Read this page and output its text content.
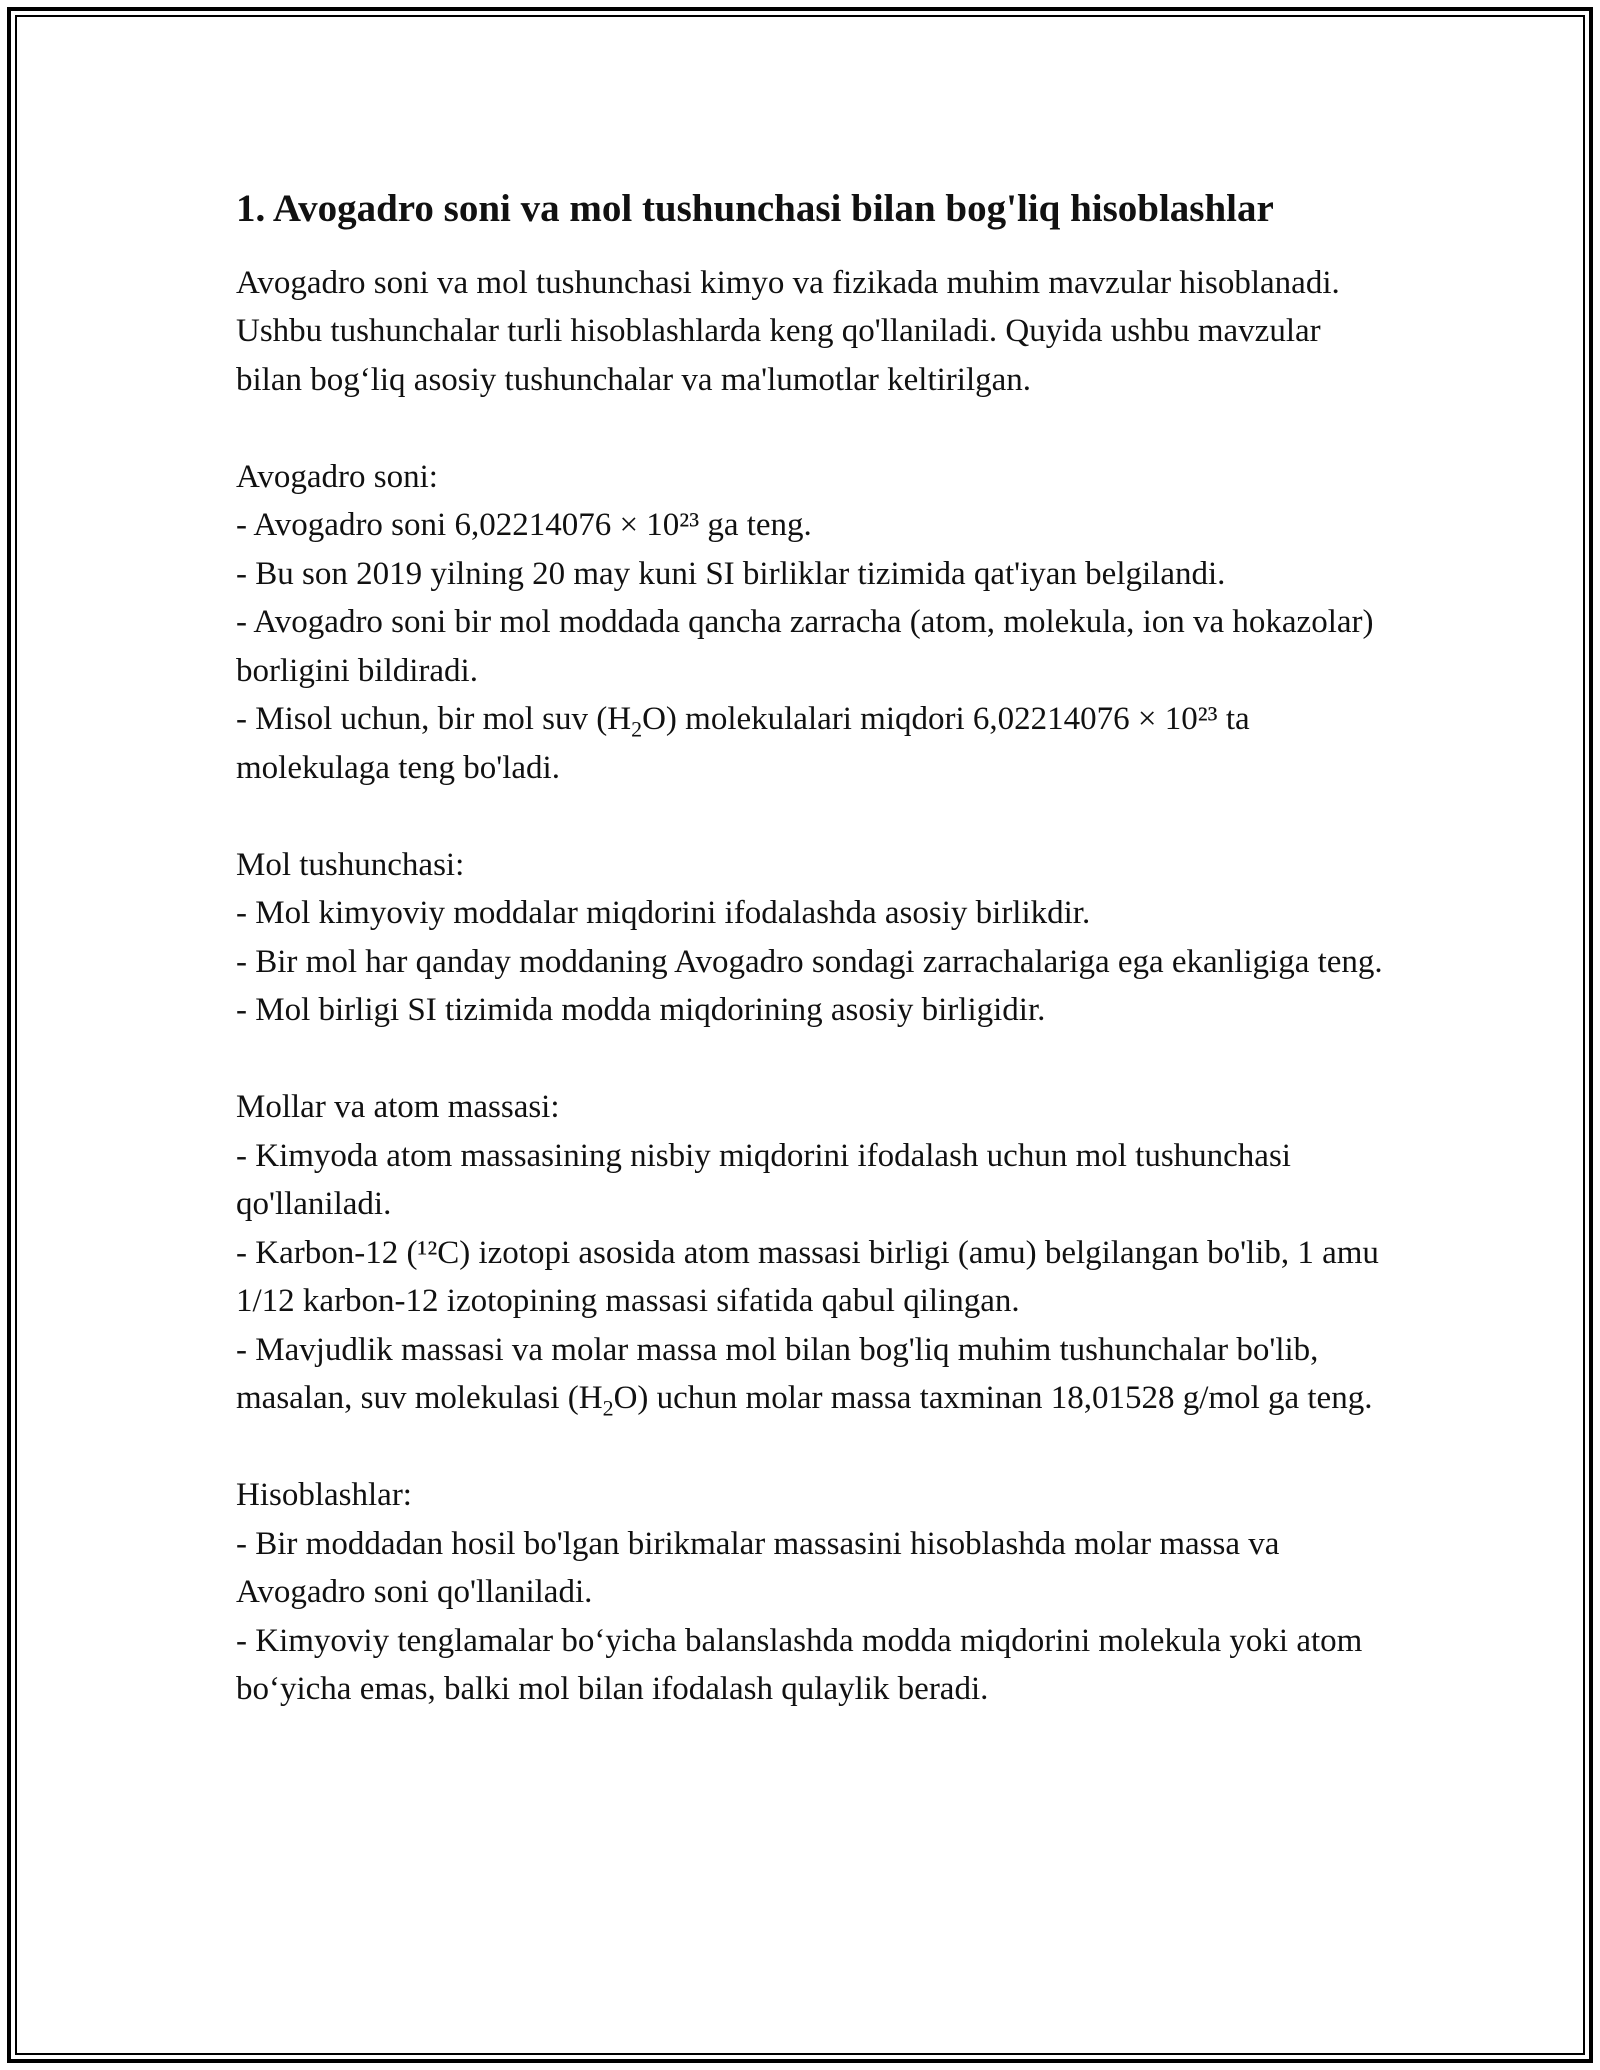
1. Avogadro soni va mol tushunchasi bilan bog'liq hisoblashlar

Avogadro soni va mol tushunchasi kimyo va fizikada muhim mavzular hisoblanadi. Ushbu tushunchalar turli hisoblashlarda keng qo'llaniladi. Quyida ushbu mavzular bilan bog‘liq asosiy tushunchalar va ma'lumotlar keltirilgan.

Avogadro soni:

- Avogadro soni 6,02214076 × 10²³ ga teng.

- Bu son 2019 yilning 20 may kuni SI birliklar tizimida qat'iyan belgilandi.

- Avogadro soni bir mol moddada qancha zarracha (atom, molekula, ion va hokazolar) borligini bildiradi.

- Misol uchun, bir mol suv $(H_2O)$ molekulalari miqdori 6,02214076 × 10²³ ta molekulaga teng bo'ladi.

Mol tushunchasi:

- Mol kimyoviy moddalar miqdorini ifodalashda asosiy birlikdir.

- Bir mol har qanday moddaning Avogadro sondagi zarrachalariga ega ekanligiga teng.

- Mol birligi SI tizimida modda miqdorining asosiy birligidir.

Mollar va atom massasi:

- Kimyoda atom massasining nisbiy miqdorini ifodalash uchun mol tushunchasi qo'llaniladi.

- Karbon-12 (¹²C) izotopi asosida atom massasi birligi (amu) belgilangan bo'lib, 1 amu 1/12 karbon-12 izotopining massasi sifatida qabul qilingan.

- Mavjudlik massasi va molar massa mol bilan bog'liq muhim tushunchalar bo'lib, masalan, suv molekulasi $(H_2O)$ uchun molar massa taxminan 18,01528 g/mol ga teng.

Hisoblashlar:

- Bir moddadan hosil bo'lgan birikmalar massasini hisoblashda molar massa va Avogadro soni qo'llaniladi.

- Kimyoviy tenglamalar bo‘yicha balanslashda modda miqdorini molekula yoki atom bo‘yicha emas, balki mol bilan ifodalash qulaylik beradi.
